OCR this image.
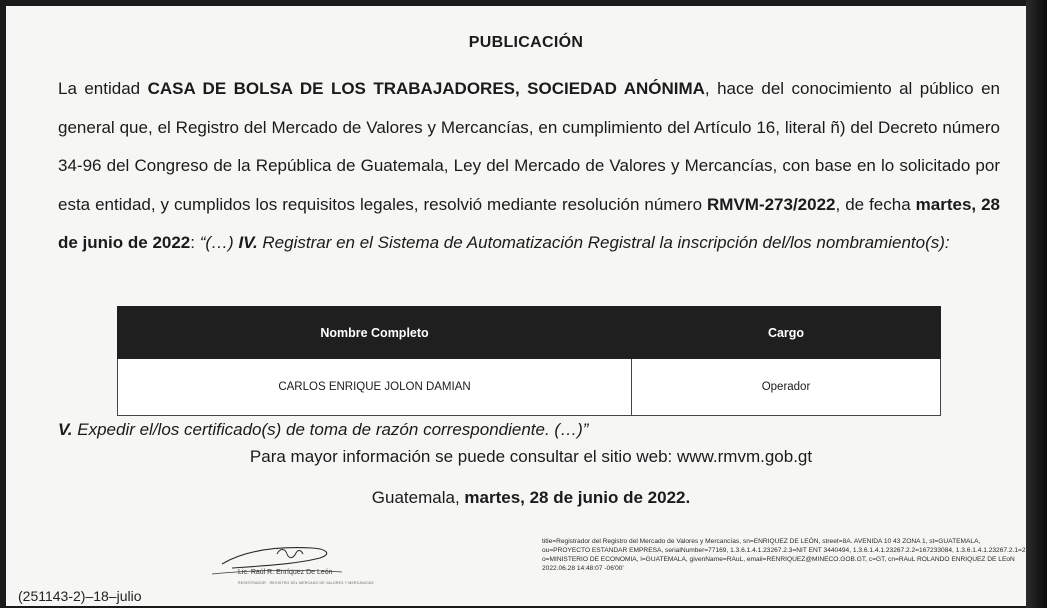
PUBLICACIÓN
La entidad CASA DE BOLSA DE LOS TRABAJADORES, SOCIEDAD ANÓNIMA, hace del conocimiento al público en general que, el Registro del Mercado de Valores y Mercancías, en cumplimiento del Artículo 16, literal ñ) del Decreto número 34-96 del Congreso de la República de Guatemala, Ley del Mercado de Valores y Mercancías, con base en lo solicitado por esta entidad, y cumplidos los requisitos legales, resolvió mediante resolución número RMVM-273/2022, de fecha martes, 28 de junio de 2022: “(…) IV. Registrar en el Sistema de Automatización Registral la inscripción del/los nombramiento(s):
Nombre Completo	Cargo
CARLOS ENRIQUE JOLON DAMIAN	Operador
V. Expedir el/los certificado(s) de toma de razón correspondiente. (…)”
Para mayor información se puede consultar el sitio web: www.rmvm.gob.gt
Guatemala, martes, 28 de junio de 2022.
Lic. Raúl R. Enríquez De León
REGISTRADOR · REGISTRO DEL MERCADO DE VALORES Y MERCANCÍAS
title=Registrador del Registro del Mercado de Valores y Mercancías, sn=ENRIQUEZ DE LEÓN, street=8A. AVENIDA 10 43 ZONA 1, st=GUATEMALA, ou=PROYECTO ESTANDAR EMPRESA, serialNumber=77169, 1.3.6.1.4.1.23267.2.3=NIT ENT 3440494, 1.3.6.1.4.1.23267.2.2=167233084, 1.3.6.1.4.1.23267.2.1=2, o=MINISTERIO DE ECONOMIA, l=GUATEMALA, givenName=RAuL, email=RENRIQUEZ@MINECO.GOB.GT, c=GT, cn=RAuL ROLANDO ENRIQUEZ DE LEoN 2022.06.28 14:48:07 -06'00'
(251143-2)–18–julio
